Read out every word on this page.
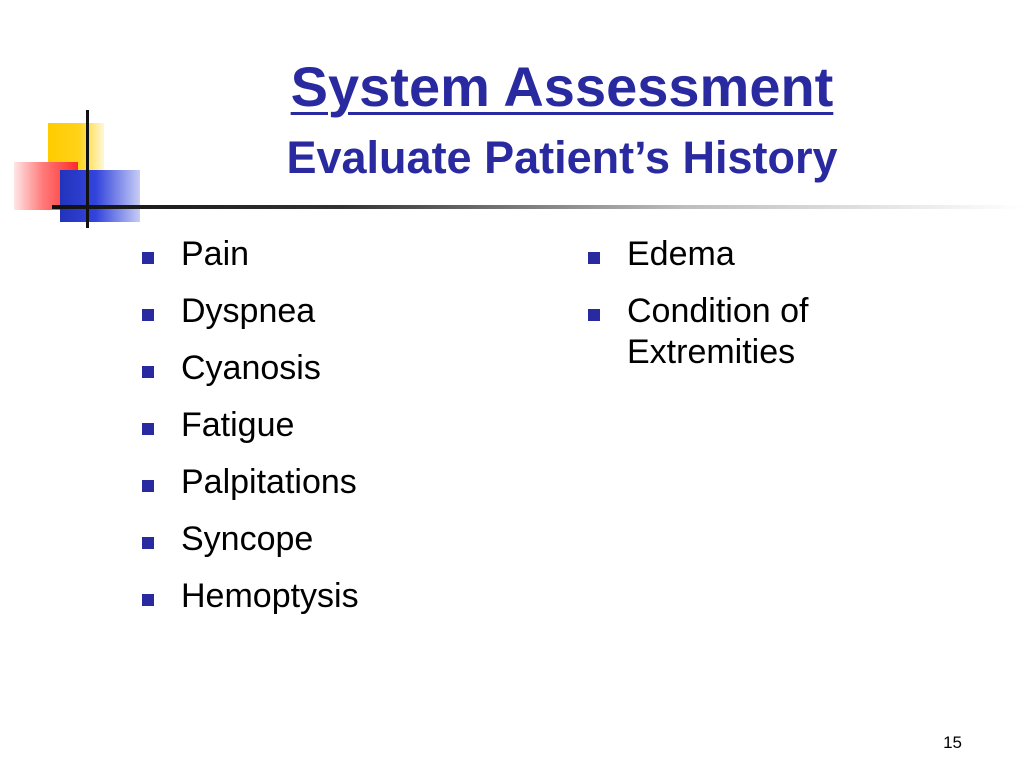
System Assessment
Evaluate Patient’s History
Pain
Dyspnea
Cyanosis
Fatigue
Palpitations
Syncope
Hemoptysis
Edema
Condition of Extremities
15
